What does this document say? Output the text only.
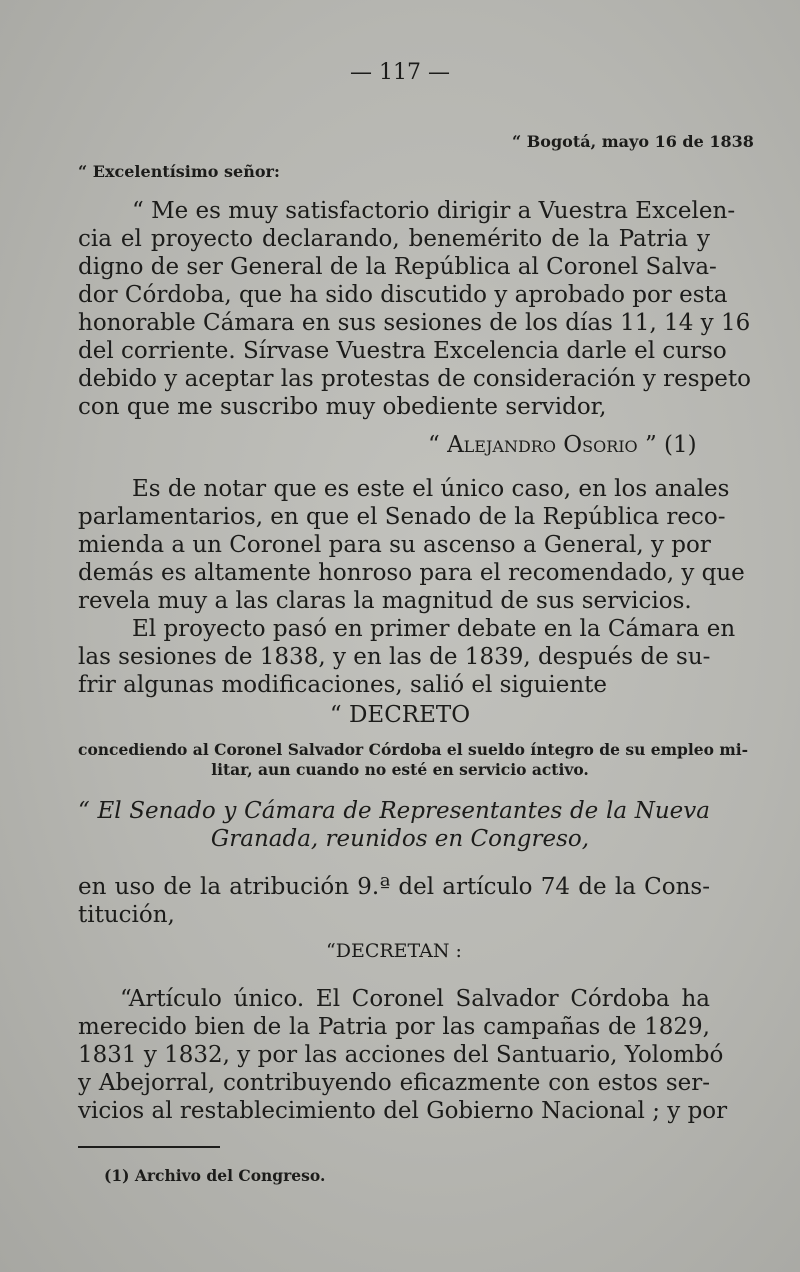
— 117 —
“ Bogotá, mayo 16 de 1838
“ Excelentísimo señor:
“ Me es muy satisfactorio dirigir a Vuestra Excelen-
cia el proyecto declarando, benemérito de la Patria y
digno de ser General de la República al Coronel Salva-
dor Córdoba, que ha sido discutido y aprobado por esta
honorable Cámara en sus sesiones de los días 11, 14 y 16
del corriente. Sírvase Vuestra Excelencia darle el curso
debido y aceptar las protestas de consideración y respeto
con que me suscribo muy obediente servidor,
“ Alejandro Osorio ” (1)
Es de notar que es este el único caso, en los anales
parlamentarios, en que el Senado de la República reco-
mienda a un Coronel para su ascenso a General, y por
demás es altamente honroso para el recomendado, y que
revela muy a las claras la magnitud de sus servicios.
El proyecto pasó en primer debate en la Cámara en
las sesiones de 1838, y en las de 1839, después de su-
frir algunas modificaciones, salió el siguiente
“ DECRETO
concediendo al Coronel Salvador Córdoba el sueldo íntegro de su empleo mi-
litar, aun cuando no esté en servicio activo.
“ El Senado y Cámara de Representantes de la Nueva
Granada, reunidos en Congreso,
en uso de la atribución 9.ª del artículo 74 de la Cons-
titución,
“DECRETAN :
“Artículo único. El Coronel Salvador Córdoba ha
merecido bien de la Patria por las campañas de 1829,
1831 y 1832, y por las acciones del Santuario, Yolombó
y Abejorral, contribuyendo eficazmente con estos ser-
vicios al restablecimiento del Gobierno Nacional ; y por
(1) Archivo del Congreso.
